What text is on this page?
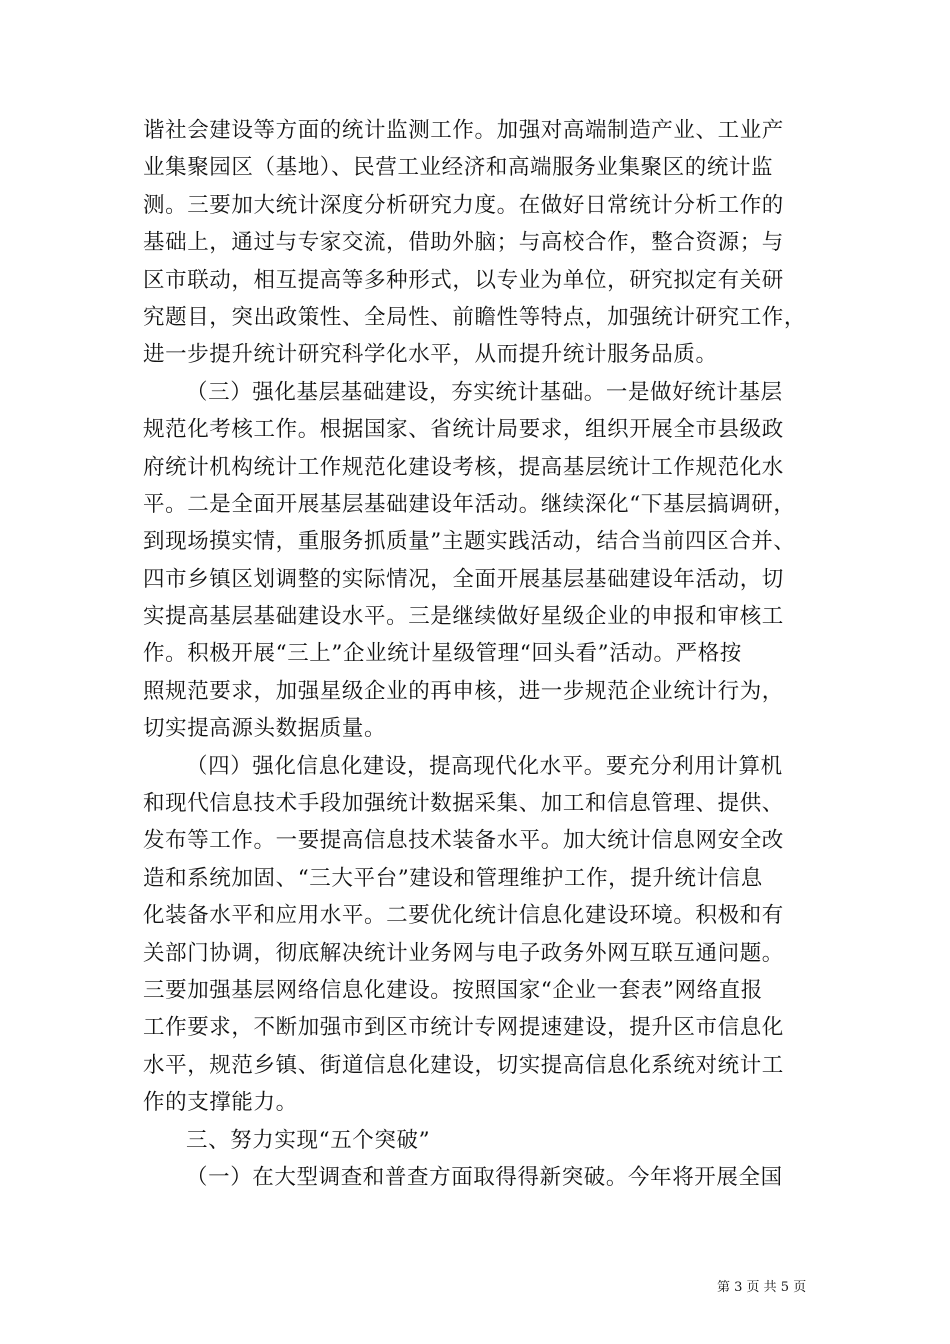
谐社会建设等方面的统计监测工作。加强对高端制造产业、工业产
业集聚园区（基地）、民营工业经济和高端服务业集聚区的统计监
测。三要加大统计深度分析研究力度。在做好日常统计分析工作的
基础上，通过与专家交流，借助外脑；与高校合作，整合资源；与
区市联动，相互提高等多种形式，以专业为单位，研究拟定有关研
究题目，突出政策性、全局性、前瞻性等特点，加强统计研究工作，
进一步提升统计研究科学化水平，从而提升统计服务品质。
（三）强化基层基础建设，夯实统计基础。一是做好统计基层
规范化考核工作。根据国家、省统计局要求，组织开展全市县级政
府统计机构统计工作规范化建设考核，提高基层统计工作规范化水
平。二是全面开展基层基础建设年活动。继续深化“下基层搞调研，
到现场摸实情，重服务抓质量”主题实践活动，结合当前四区合并、
四市乡镇区划调整的实际情况，全面开展基层基础建设年活动，切
实提高基层基础建设水平。三是继续做好星级企业的申报和审核工
作。积极开展“三上”企业统计星级管理“回头看”活动。严格按
照规范要求，加强星级企业的再申核，进一步规范企业统计行为，
切实提高源头数据质量。
（四）强化信息化建设，提高现代化水平。要充分利用计算机
和现代信息技术手段加强统计数据采集、加工和信息管理、提供、
发布等工作。一要提高信息技术装备水平。加大统计信息网安全改
造和系统加固、“三大平台”建设和管理维护工作，提升统计信息
化装备水平和应用水平。二要优化统计信息化建设环境。积极和有
关部门协调，彻底解决统计业务网与电子政务外网互联互通问题。
三要加强基层网络信息化建设。按照国家“企业一套表”网络直报
工作要求，不断加强市到区市统计专网提速建设，提升区市信息化
水平，规范乡镇、街道信息化建设，切实提高信息化系统对统计工
作的支撑能力。
三、努力实现“五个突破”
（一）在大型调查和普查方面取得得新突破。今年将开展全国
第 3 页 共 5 页
